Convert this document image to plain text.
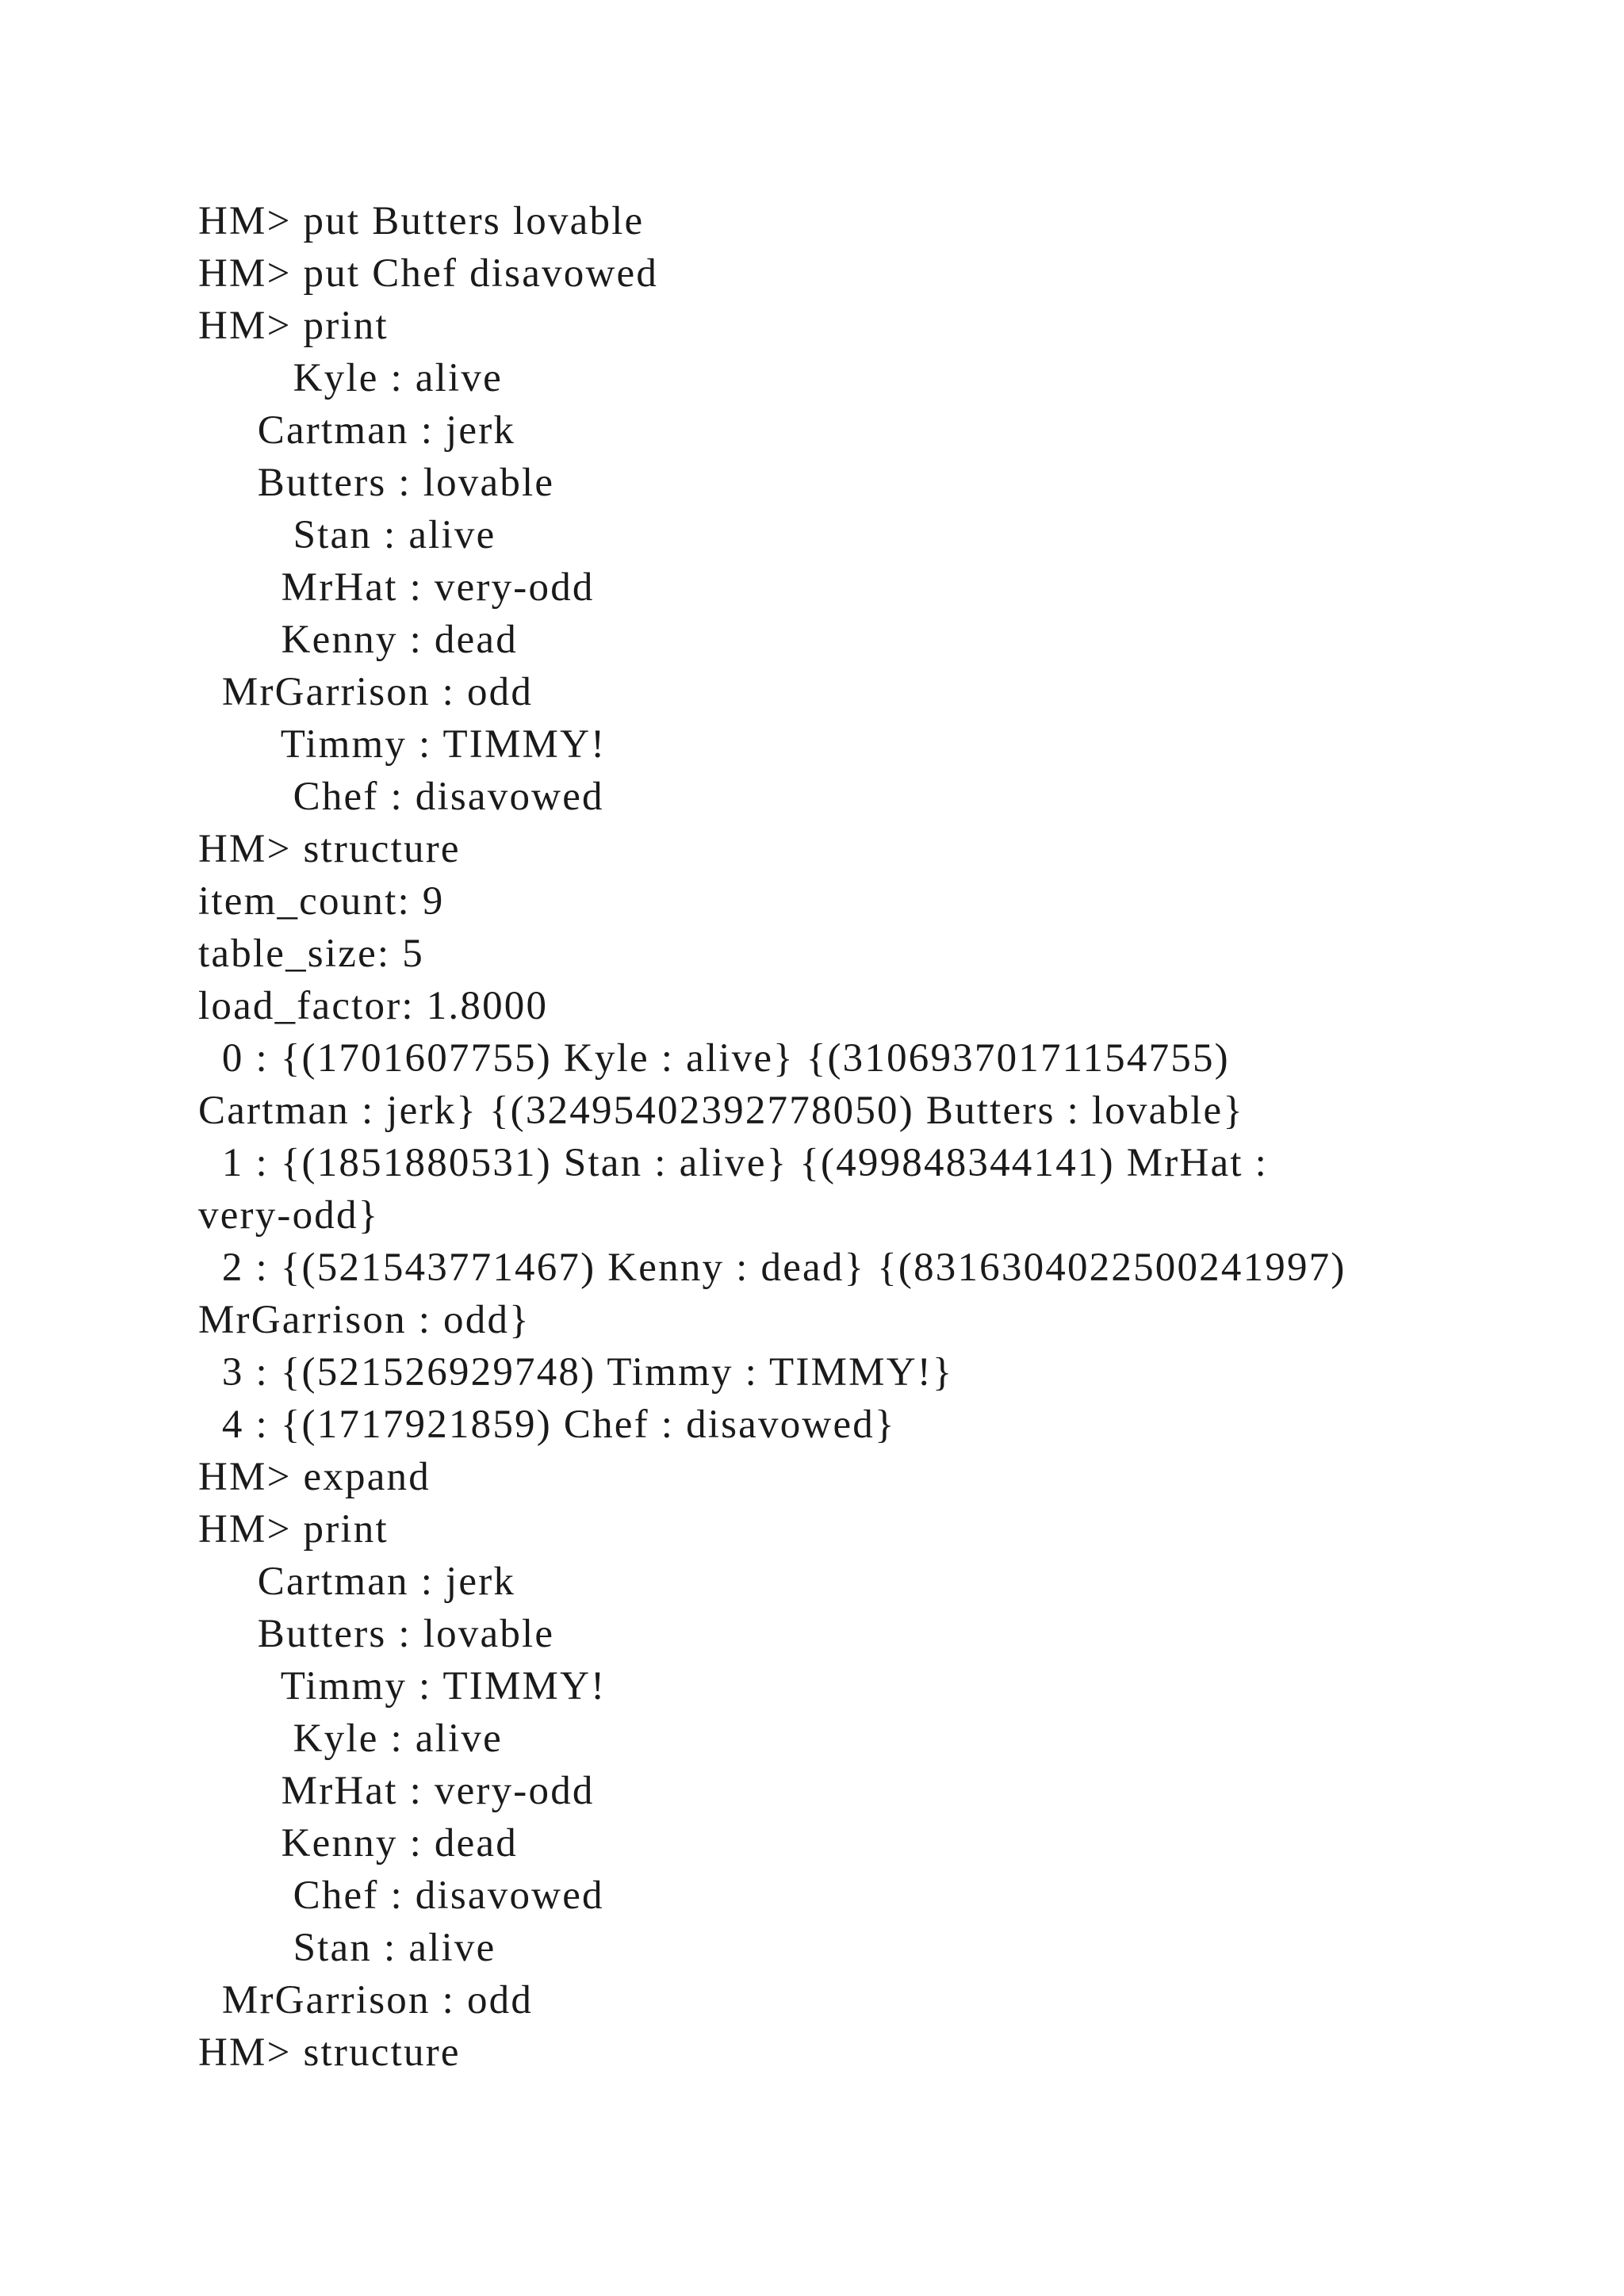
HM> put Butters lovable
HM> put Chef disavowed
HM> print
Kyle : alive
Cartman : jerk
Butters : lovable
Stan : alive
MrHat : very-odd
Kenny : dead
MrGarrison : odd
Timmy : TIMMY!
Chef : disavowed
HM> structure
item_count: 9
table_size: 5
load_factor: 1.8000
0 : {(1701607755) Kyle : alive} {(31069370171154755)
Cartman : jerk} {(32495402392778050) Butters : lovable}
1 : {(1851880531) Stan : alive} {(499848344141) MrHat :
very-odd}
2 : {(521543771467) Kenny : dead} {(8316304022500241997)
MrGarrison : odd}
3 : {(521526929748) Timmy : TIMMY!}
4 : {(1717921859) Chef : disavowed}
HM> expand
HM> print
Cartman : jerk
Butters : lovable
Timmy : TIMMY!
Kyle : alive
MrHat : very-odd
Kenny : dead
Chef : disavowed
Stan : alive
MrGarrison : odd
HM> structure
